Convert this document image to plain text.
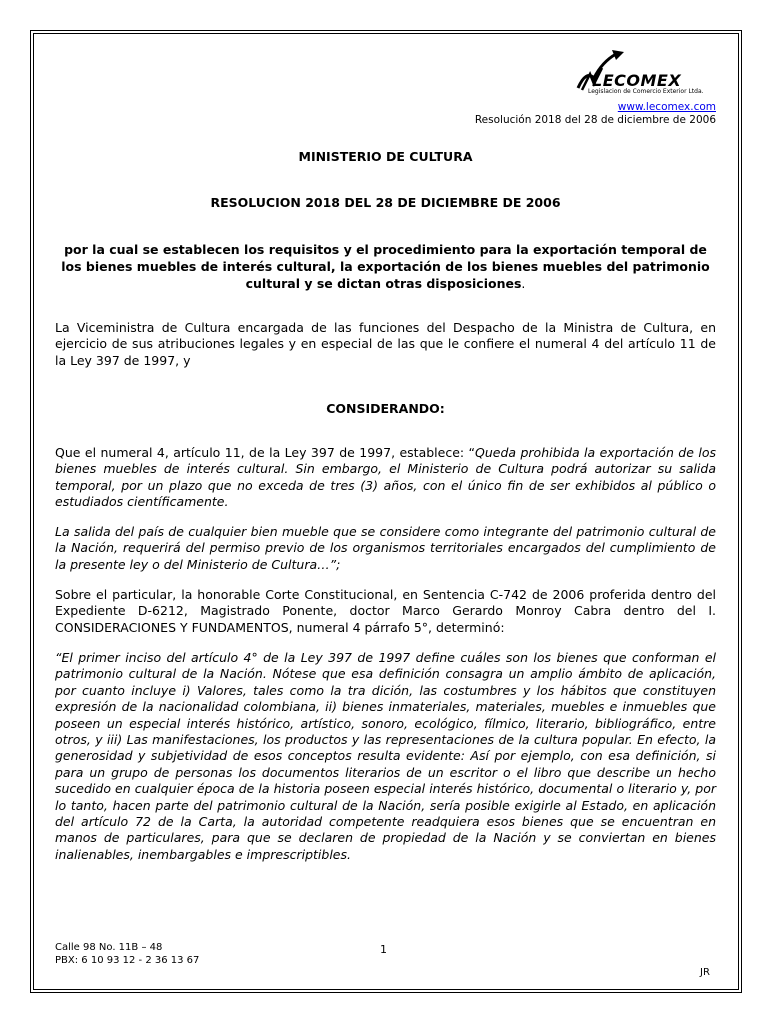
LECOMEX
Legislacion de Comercio Exterior Ltda.
www.lecomex.com
Resolución 2018 del 28 de diciembre de 2006
MINISTERIO DE CULTURA
RESOLUCION 2018 DEL 28 DE DICIEMBRE DE 2006
por la cual se establecen los requisitos y el procedimiento para la exportación temporal de los bienes muebles de interés cultural, la exportación de los bienes muebles del patrimonio cultural y se dictan otras disposiciones.
La Viceministra de Cultura encargada de las funciones del Despacho de la Ministra de Cultura, en ejercicio de sus atribuciones legales y en especial de las que le confiere el numeral 4 del artículo 11 de la Ley 397 de 1997, y
CONSIDERANDO:
Que el numeral 4, artículo 11, de la Ley 397 de 1997, establece: “Queda prohibida la exportación de los bienes muebles de interés cultural. Sin embargo, el Ministerio de Cultura podrá autorizar su salida temporal, por un plazo que no exceda de tres (3) años, con el único fin de ser exhibidos al público o estudiados científicamente.
La salida del país de cualquier bien mueble que se considere como integrante del patrimonio cultural de la Nación, requerirá del permiso previo de los organismos territoriales encargados del cumplimiento de la presente ley o del Ministerio de Cultura…”;
Sobre el particular, la honorable Corte Constitucional, en Sentencia C-742 de 2006 proferida dentro del Expediente D-6212, Magistrado Ponente, doctor Marco Gerardo Monroy Cabra dentro del I. CONSIDERACIONES Y FUNDAMENTOS, numeral 4 párrafo 5°, determinó:
“El primer inciso del artículo 4° de la Ley 397 de 1997 define cuáles son los bienes que conforman el patrimonio cultural de la Nación. Nótese que esa definición consagra un amplio ámbito de aplicación, por cuanto incluye i) Valores, tales como la tra dición, las costumbres y los hábitos que constituyen expresión de la nacionalidad colombiana, ii) bienes inmateriales, materiales, muebles e inmuebles que poseen un especial interés histórico, artístico, sonoro, ecológico, fílmico, literario, bibliográfico, entre otros, y iii) Las manifestaciones, los productos y las representaciones de la cultura popular. En efecto, la generosidad y subjetividad de esos conceptos resulta evidente: Así por ejemplo, con esa definición, si para un grupo de personas los documentos literarios de un escritor o el libro que describe un hecho sucedido en cualquier época de la historia poseen especial interés histórico, documental o literario y, por lo tanto, hacen parte del patrimonio cultural de la Nación, sería posible exigirle al Estado, en aplicación del artículo 72 de la Carta, la autoridad competente readquiera esos bienes que se encuentran en manos de particulares, para que se declaren de propiedad de la Nación y se conviertan en bienes inalienables, inembargables e imprescriptibles.
Calle 98 No. 11B – 48
PBX: 6 10 93 12 - 2 36 13 67
1
JR
